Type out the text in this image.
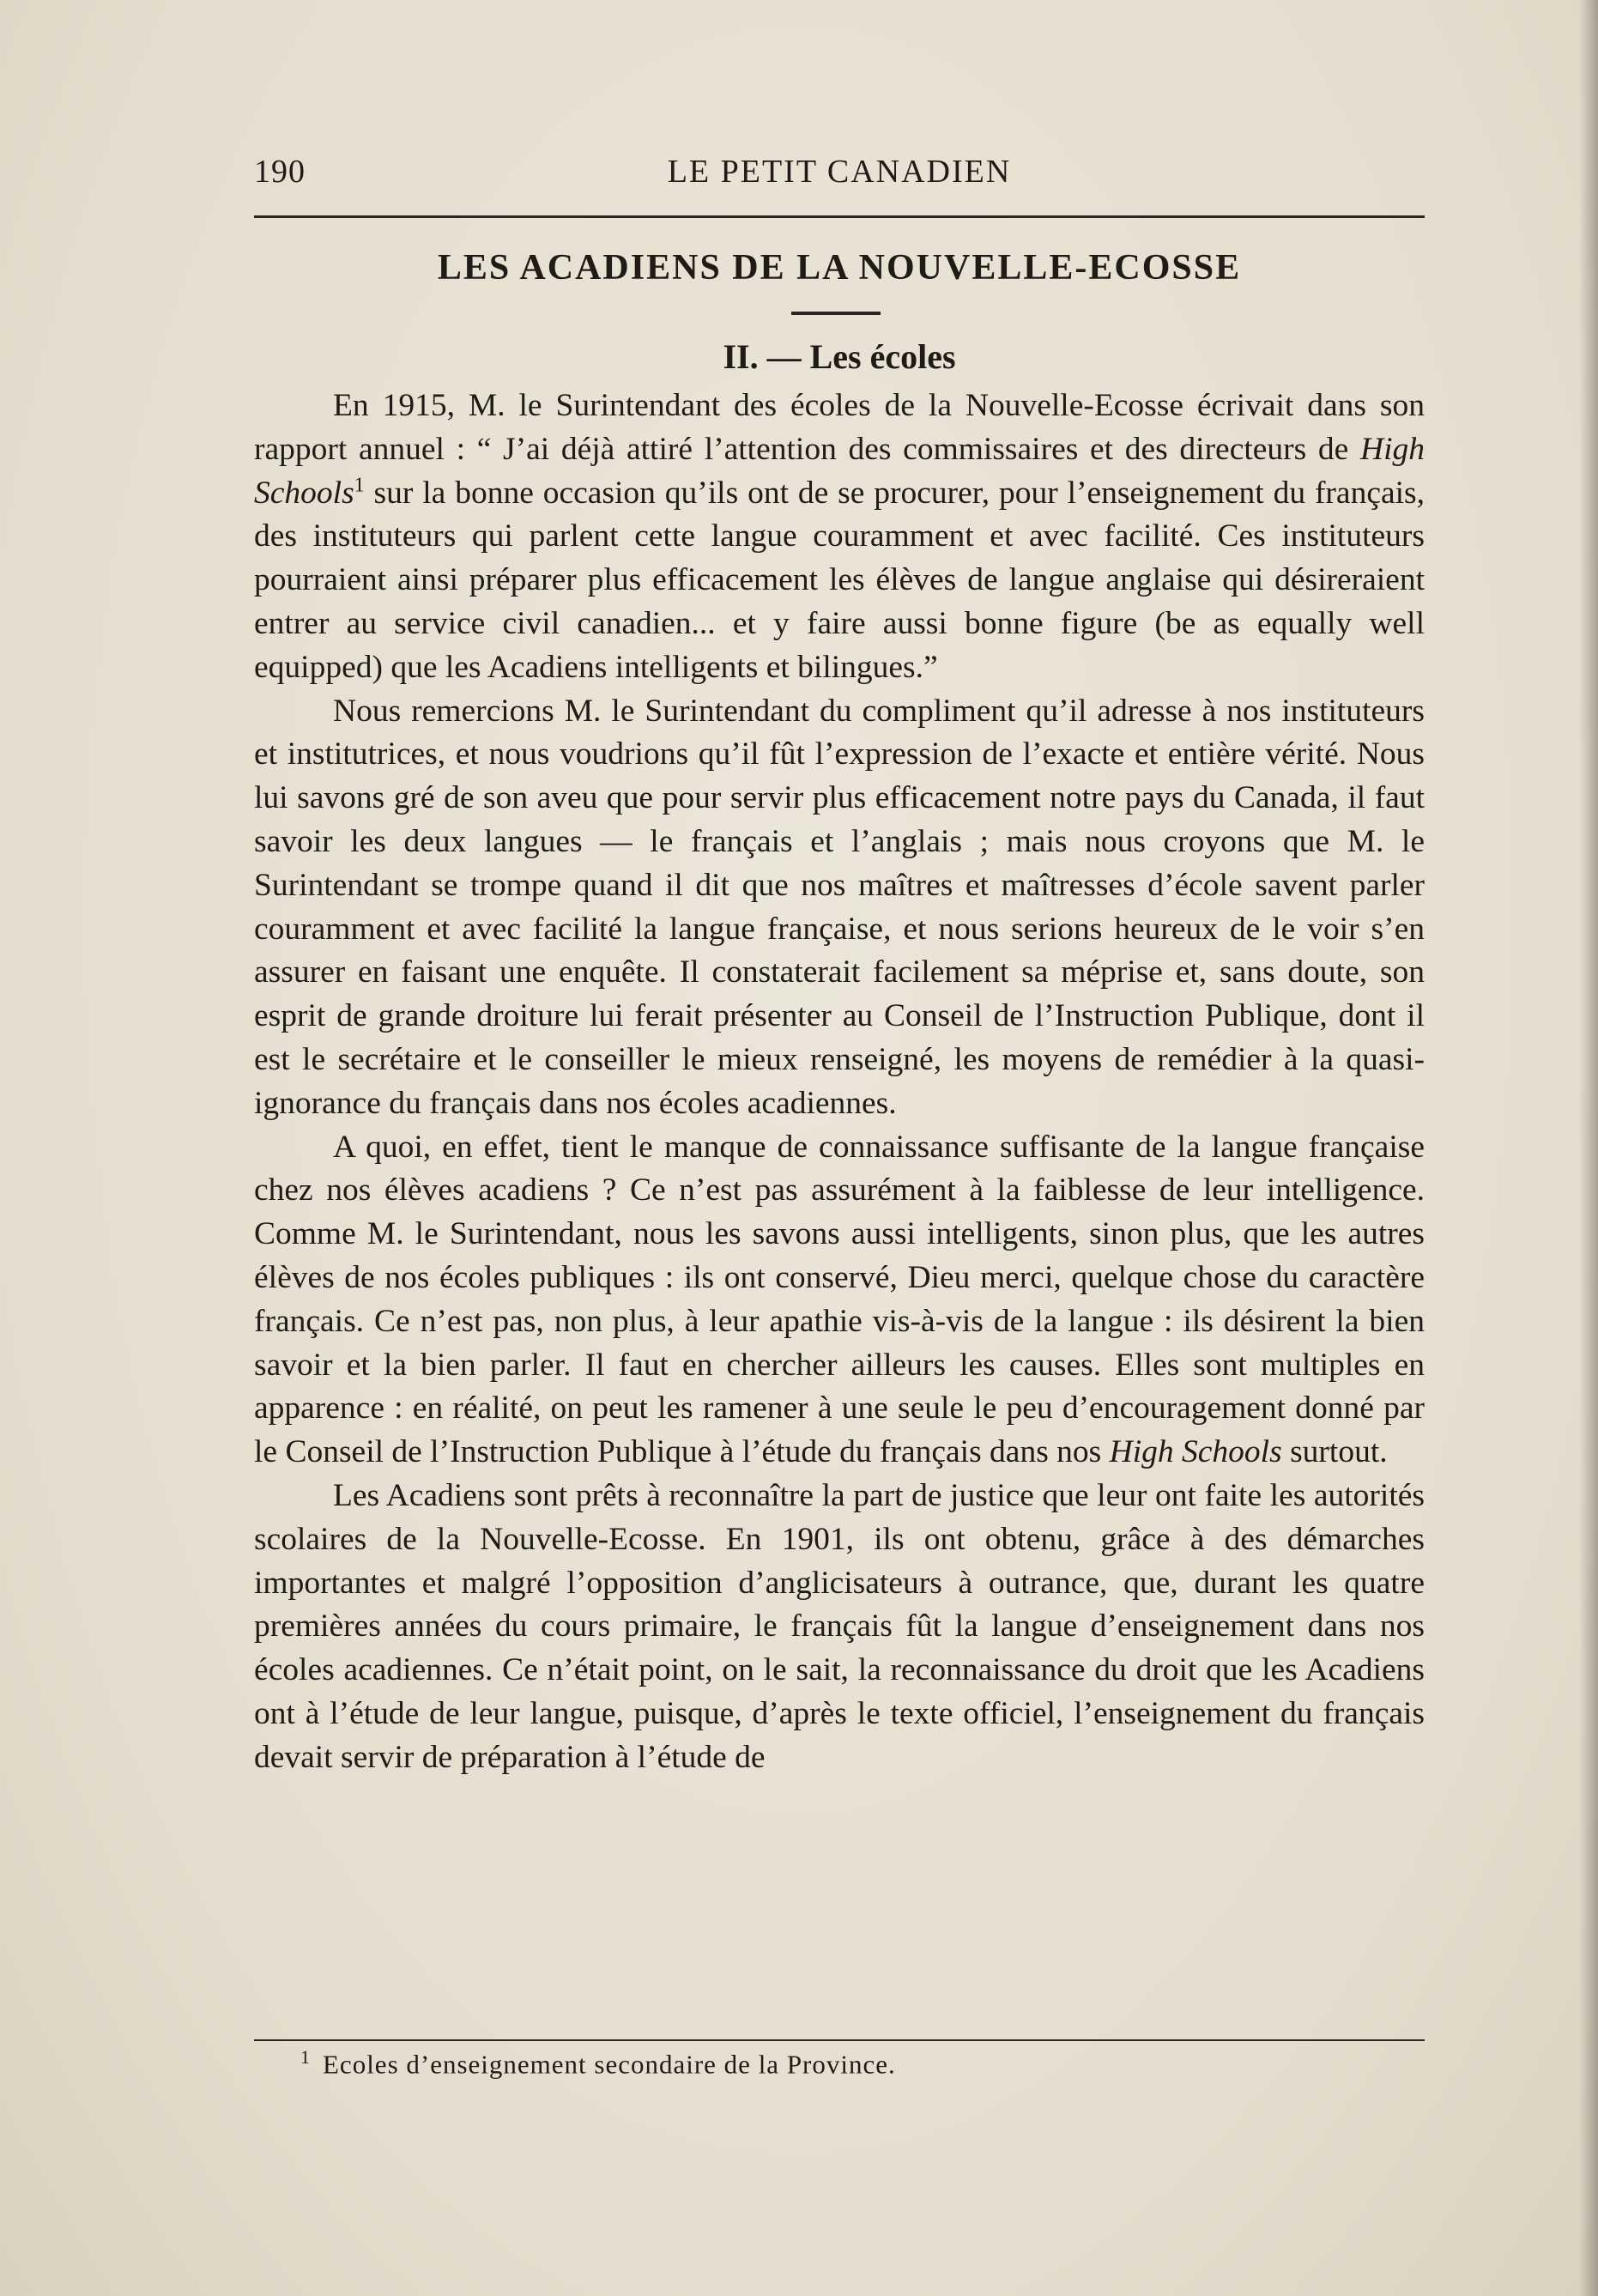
190	LE PETIT CANADIEN
LES ACADIENS DE LA NOUVELLE-ECOSSE
II. — Les écoles

En 1915, M. le Surintendant des écoles de la Nouvelle-Ecosse écrivait dans son rapport annuel : “ J’ai déjà attiré l’attention des commissaires et des directeurs de High Schools$^1$ sur la bonne occasion qu’ils ont de se procurer, pour l’enseignement du français, des instituteurs qui parlent cette langue couramment et avec facilité. Ces instituteurs pourraient ainsi préparer plus efficacement les élèves de langue anglaise qui désireraient entrer au service civil canadien... et y faire aussi bonne figure (be as equally well equipped) que les Acadiens intelligents et bilingues.”

Nous remercions M. le Surintendant du compliment qu’il adresse à nos instituteurs et institutrices, et nous voudrions qu’il fût l’expression de l’exacte et entière vérité. Nous lui savons gré de son aveu que pour servir plus efficacement notre pays du Canada, il faut savoir les deux langues — le français et l’anglais ; mais nous croyons que M. le Surintendant se trompe quand il dit que nos maîtres et maîtresses d’école savent parler couramment et avec facilité la langue française, et nous serions heureux de le voir s’en assurer en faisant une enquête. Il constaterait facilement sa méprise et, sans doute, son esprit de grande droiture lui ferait présenter au Conseil de l’Instruction Publique, dont il est le secrétaire et le conseiller le mieux renseigné, les moyens de remédier à la quasi-ignorance du français dans nos écoles acadiennes.

A quoi, en effet, tient le manque de connaissance suffisante de la langue française chez nos élèves acadiens ? Ce n’est pas assurément à la faiblesse de leur intelligence. Comme M. le Surintendant, nous les savons aussi intelligents, sinon plus, que les autres élèves de nos écoles publiques : ils ont conservé, Dieu merci, quelque chose du caractère français. Ce n’est pas, non plus, à leur apathie vis-à-vis de la langue : ils désirent la bien savoir et la bien parler. Il faut en chercher ailleurs les causes. Elles sont multiples en apparence : en réalité, on peut les ramener à une seule le peu d’encouragement donné par le Conseil de l’Instruction Publique à l’étude du français dans nos High Schools surtout.

Les Acadiens sont prêts à reconnaître la part de justice que leur ont faite les autorités scolaires de la Nouvelle-Ecosse. En 1901, ils ont obtenu, grâce à des démarches importantes et malgré l’opposition d’anglicisateurs à outrance, que, durant les quatre premières années du cours primaire, le français fût la langue d’enseignement dans nos écoles acadiennes. Ce n’était point, on le sait, la reconnaissance du droit que les Acadiens ont à l’étude de leur langue, puisque, d’après le texte officiel, l’enseignement du français devait servir de préparation à l’étude de

$^1$ Ecoles d’enseignement secondaire de la Province.
